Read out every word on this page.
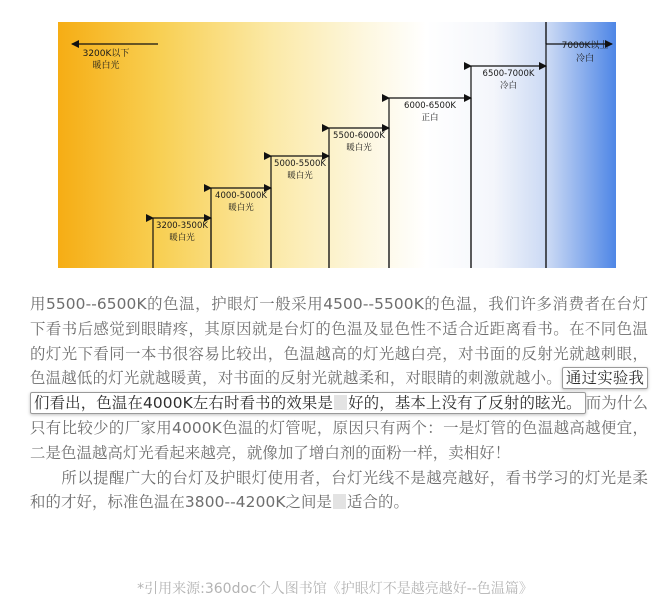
3200K以下
暖白光
3200-3500K
暖白光
4000-5000K
暖白光
5000-5500K
暖白光
5500-6000K
暖白光
6000-6500K
正白
6500-7000K
冷白
7000K以上
冷白

用5500--6500K的色温，护眼灯一般采用4500--5500K的色温，我们许多消费者在台灯下看书后感觉到眼睛疼，其原因就是台灯的色温及显色性不适合近距离看书。在不同色温的灯光下看同一本书很容易比较出，色温越高的灯光越白亮，对书面的反射光就越刺眼，色温越低的灯光就越暖黄，对书面的反射光就越柔和，对眼睛的刺激就越小。 通过实验我们看出，色温在4000K左右时看书的效果是 好的，基本上没有了反射的眩光。 而为什么只有比较少的厂家用4000K色温的灯管呢，原因只有两个：一是灯管的色温越高越便宜，二是色温越高灯光看起来越亮，就像加了增白剂的面粉一样，卖相好！

所以提醒广大的台灯及护眼灯使用者，台灯光线不是越亮越好，看书学习的灯光是柔和的才好，标准色温在3800--4200K之间是 适合的。

*引用来源:360doc个人图书馆《护眼灯不是越亮越好--色温篇》
